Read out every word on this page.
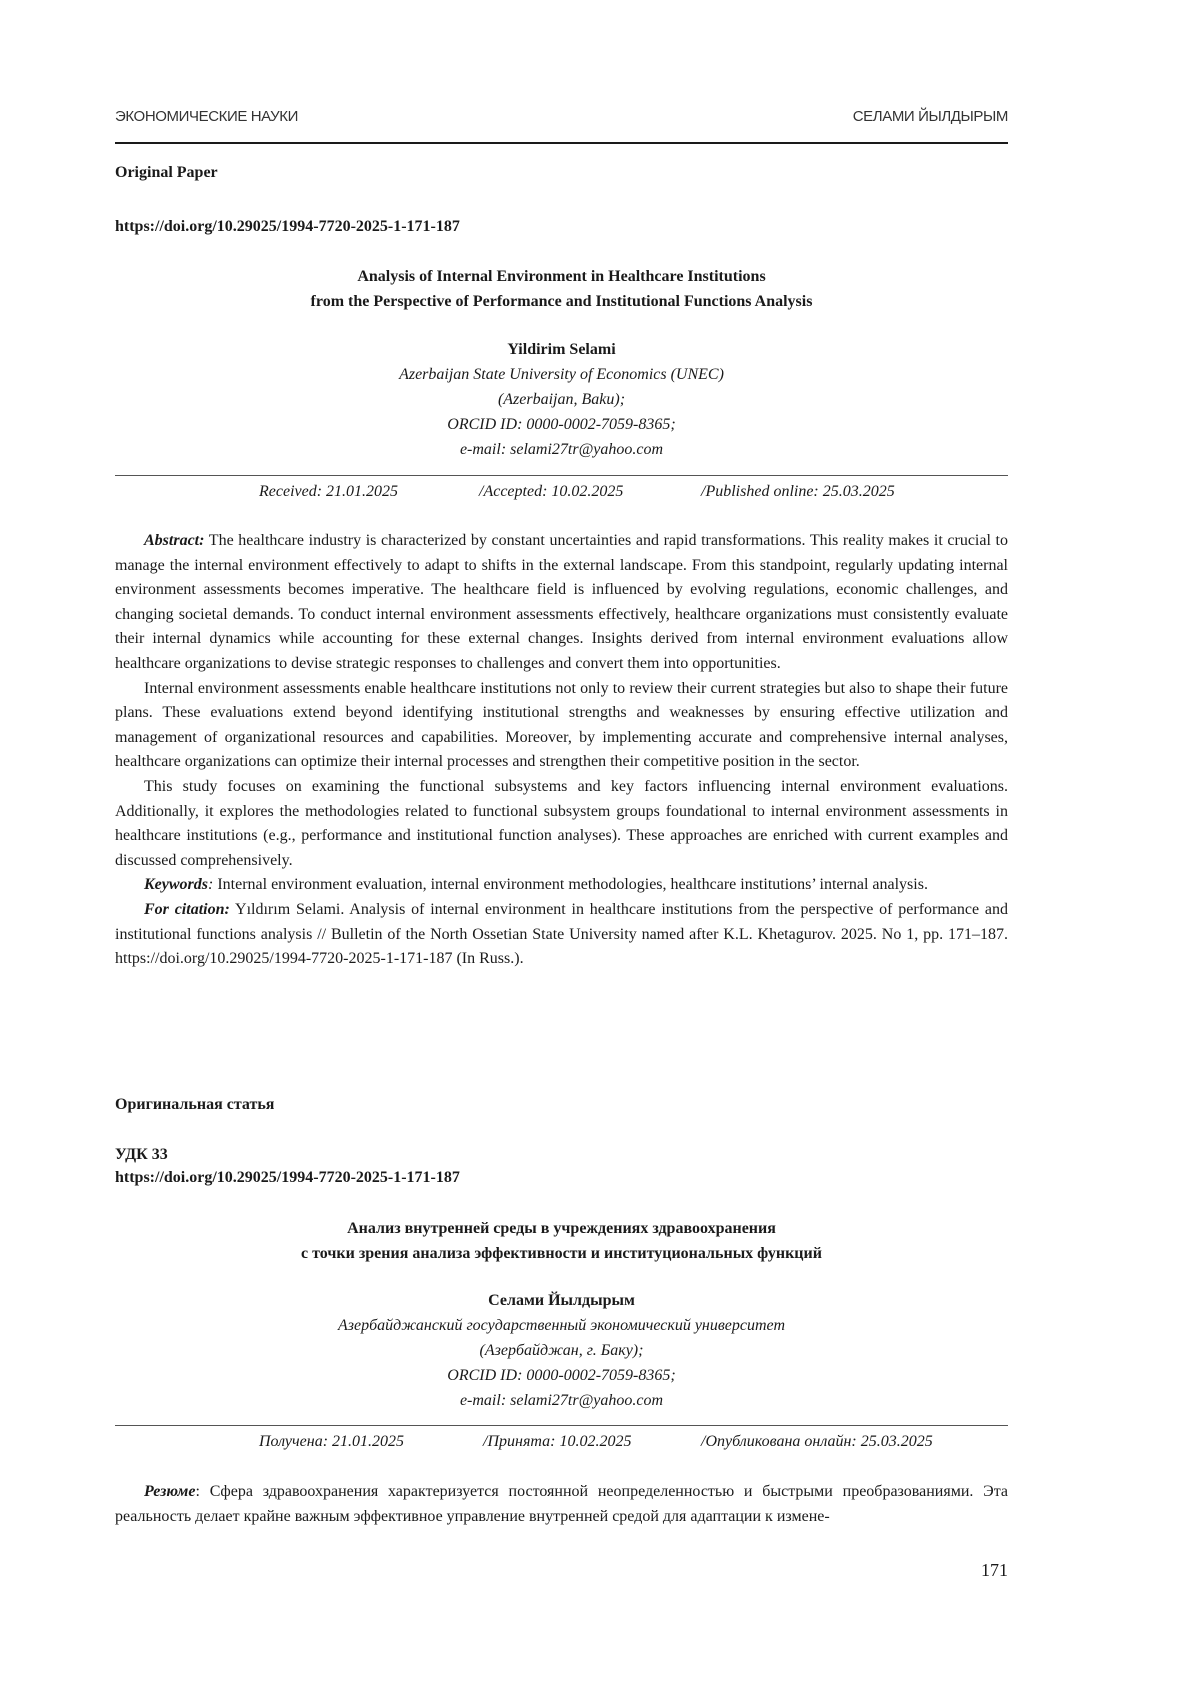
ЭКОНОМИЧЕСКИЕ НАУКИ	СЕЛАМИ ЙЫЛДЫРЫМ
Original Paper
https://doi.org/10.29025/1994-7720-2025-1-171-187
Analysis of Internal Environment in Healthcare Institutions
from the Perspective of Performance and Institutional Functions Analysis
Yildirim Selami
Azerbaijan State University of Economics (UNEC)
(Azerbaijan, Baku);
ORCID ID: 0000-0002-7059-8365;
e-mail: selami27tr@yahoo.com
Received: 21.01.2025	/Accepted: 10.02.2025	/Published online: 25.03.2025

Abstract: The healthcare industry is characterized by constant uncertainties and rapid transformations. This reality makes it crucial to manage the internal environment effectively to adapt to shifts in the external landscape. From this standpoint, regularly updating internal environment assessments becomes imperative. The healthcare field is influenced by evolving regulations, economic challenges, and changing societal demands. To conduct internal environment assessments effectively, healthcare organizations must consistently evaluate their internal dynamics while accounting for these external changes. Insights derived from internal environment evaluations allow healthcare organizations to devise strategic responses to challenges and convert them into opportunities.

Internal environment assessments enable healthcare institutions not only to review their current strategies but also to shape their future plans. These evaluations extend beyond identifying institutional strengths and weaknesses by ensuring effective utilization and management of organizational resources and capabilities. Moreover, by implementing accurate and comprehensive internal analyses, healthcare organizations can optimize their internal processes and strengthen their competitive position in the sector.

This study focuses on examining the functional subsystems and key factors influencing internal environment evaluations. Additionally, it explores the methodologies related to functional subsystem groups foundational to internal environment assessments in healthcare institutions (e.g., performance and institutional function analyses). These approaches are enriched with current examples and discussed comprehensively.

Keywords: Internal environment evaluation, internal environment methodologies, healthcare institutions’ internal analysis.

For citation: Yıldırım Selami. Analysis of internal environment in healthcare institutions from the perspective of performance and institutional functions analysis // Bulletin of the North Ossetian State University named after K.L. Khetagurov. 2025. No 1, pp. 171–187. https://doi.org/10.29025/1994-7720-2025-1-171-187 (In Russ.).

Оригинальная статья
УДК 33
https://doi.org/10.29025/1994-7720-2025-1-171-187
Анализ внутренней среды в учреждениях здравоохранения
с точки зрения анализа эффективности и институциональных функций
Селами Йылдырым
Азербайджанский государственный экономический университет
(Азербайджан, г. Баку);
ORCID ID: 0000-0002-7059-8365;
e-mail: selami27tr@yahoo.com
Получена: 21.01.2025	/Принята: 10.02.2025	/Опубликована онлайн: 25.03.2025

Резюме: Сфера здравоохранения характеризуется постоянной неопределенностью и быстрыми преобразованиями. Эта реальность делает крайне важным эффективное управление внутренней средой для адаптации к измене-

171
